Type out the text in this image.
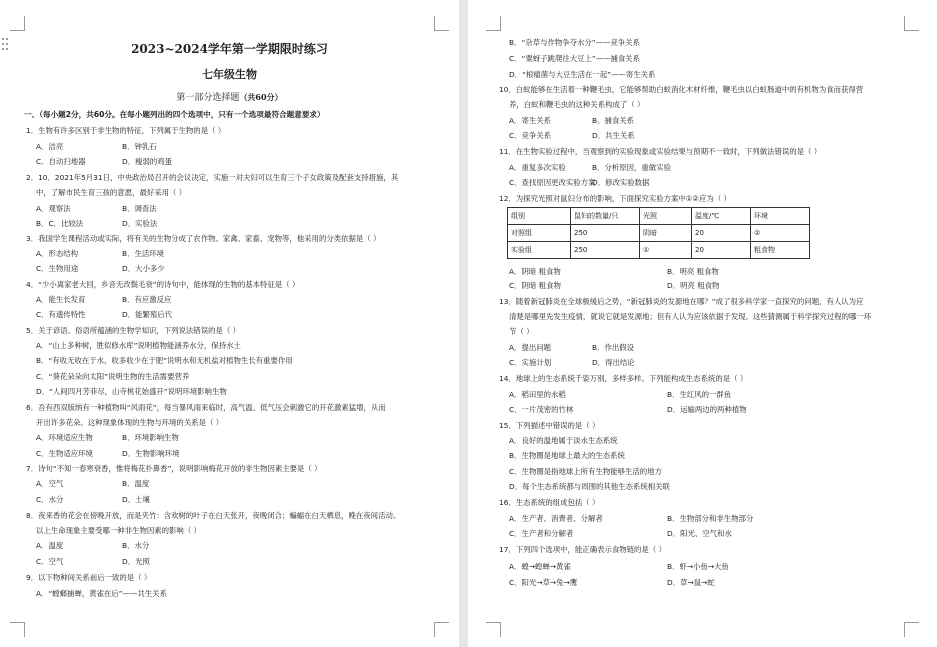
2023~2024学年第一学期限时练习
七年级生物
第一部分选择题（共60分）
一、（每小题2分，共60分。在每小题列出的四个选项中，只有一个选项最符合题意要求）
1．生物有许多区别于非生物的特征，下列属于生物的是（ ）
A．洁亮	B．钟乳石
C．自动扫地器	D．瘦弱的鸡蛋
2．10．2021年5月31日，中央政治局召开的会议决定，实施一对夫妇可以生育三个子女政策及配套支持措施，其
中，了解市民生育三孩的意愿，最好采用（ ）
A．观察法	B．调查法
B．C．比较法	D．实验法
3．我国学生课程活动或实际，将有关的生物分成了农作物、家禽、家畜、宠物等，他采用的分类依据是（ ）
A．形态结构	B．生活环境
C．生物用途	D．大小多少
4．“少小离家老大回，乡音无改鬓毛衰”的诗句中，能体现的生物的基本特征是（ ）
A．能生长发育	B．有应激反应
C．有遗传特性	D．能繁殖后代
5．关于谚语、俗语所蕴涵的生物学知识，下列说法错误的是（ ）
A．“山上多种树，胜似修水库”说明植物能涵养水分，保持水土
B．“有收无收在于水，收多收少在于肥”说明水和无机盐对植物生长有重要作用
C．“葵花朵朵向太阳”说明生物的生活需要营养
D．“人间四月芳菲尽，山寺桃花始盛开”说明环境影响生物
6．吾有西双版纳有一种植物叫“风雨花”，每当暴风雨来临时，高气温、低气压会刺激它的开花激素猛增，从而
开出许多花朵。这种现象体现的生物与环境的关系是（ ）
A．环境适应生物	B．环境影响生物
C．生物适应环境	D．生物影响环境
7．诗句“不知一春寒衰香，惟将梅花扑鼻香”，说明影响梅花开放的非生物因素主要是（ ）
A．空气	B．温度
C．水分	D．土壤
8．夜来香的花会在傍晚开放，而是夹竹：含欢树的叶子在白天张开，夜晚闭合；蝙蝠在白天栖息，晚在夜间活动。
以上生命现象主要受哪一种非生物因素的影响（ ）
A．温度	B．水分
C．空气	D．光照
9．以下物种间关系前后一致的是（ ）
A．“螳螂捕蝉，黄雀在后”——共生关系
B．“杂草与作物争夺水分”——竞争关系
C．“粟蚜子跳爬往大豆上”——捕食关系
D．“根瘤菌与大豆生活在一起”——寄生关系
10．白蚁能够在生活着一种鞭毛虫，它能够帮助白蚁消化木材纤维，鞭毛虫以白蚁肠道中的有机物为食而获得营
养，白蚁和鞭毛虫的这种关系构成了（ ）
A．寄生关系	B．捕食关系
C．竞争关系	D．共生关系
11．在生物实验过程中，当观察到的实验现象或实验结果与预期不一致时，下列做法错误的是（ ）
A．重复多次实验	B．分析原因，重做实验
C．查找原因更改实验方案
D．修改实验数据
12．为探究光照对鼠妇分布的影响，下面探究实验方案中①②应为（ ）
13．随着新冠肺炎在全球极缓后之势，“新冠肺炎的发源地在哪？”成了很多科学家一直探究的问题，有人认为应
清楚是哪里先发生疫情，就说它就是发源地；但有人认为应该依据于发现。这些猜测属于科学探究过程的哪一环
节（ ）
A．提出问题	B．作出假设
C．实施计划	D．得出结论
14．地球上的生态系统千姿万别，多样多样。下列能构成生态系统的是（ ）
A．稻田里的水稻	B．生红风的一群鱼
C．一片茂密的竹林	D．运输两边的两种植物
15．下列描述中错误的是（ ）
A．良好的温地属于淡水生态系统
B．生物圈是地球上最大的生态系统
C．生物圈是指地球上所有生物能够生活的地方
D．每个生态系统都与周围的其他生态系统相关联
16．生态系统的组成包括（ ）
A．生产者、消费者、分解者	B．生物部分和非生物部分
C．生产者和分解者	D．阳光、空气和水
17．下列四个选项中，能正确表示食物链的是（ ）
A．蝗→蝗蝉→黄雀	B．虾→小鱼→大鱼
C．阳光→草→兔→鹰	D．草→鼠→蛇
A．阴暗 粗食物	B．明亮 粗食物
C．阴暗 粗食物	D．明亮 粗食物
组别	鼠妇的数量/只	光照	温度/℃	环境
对照组	250	阴暗	20	②
实验组	250	①	20	粗食物
